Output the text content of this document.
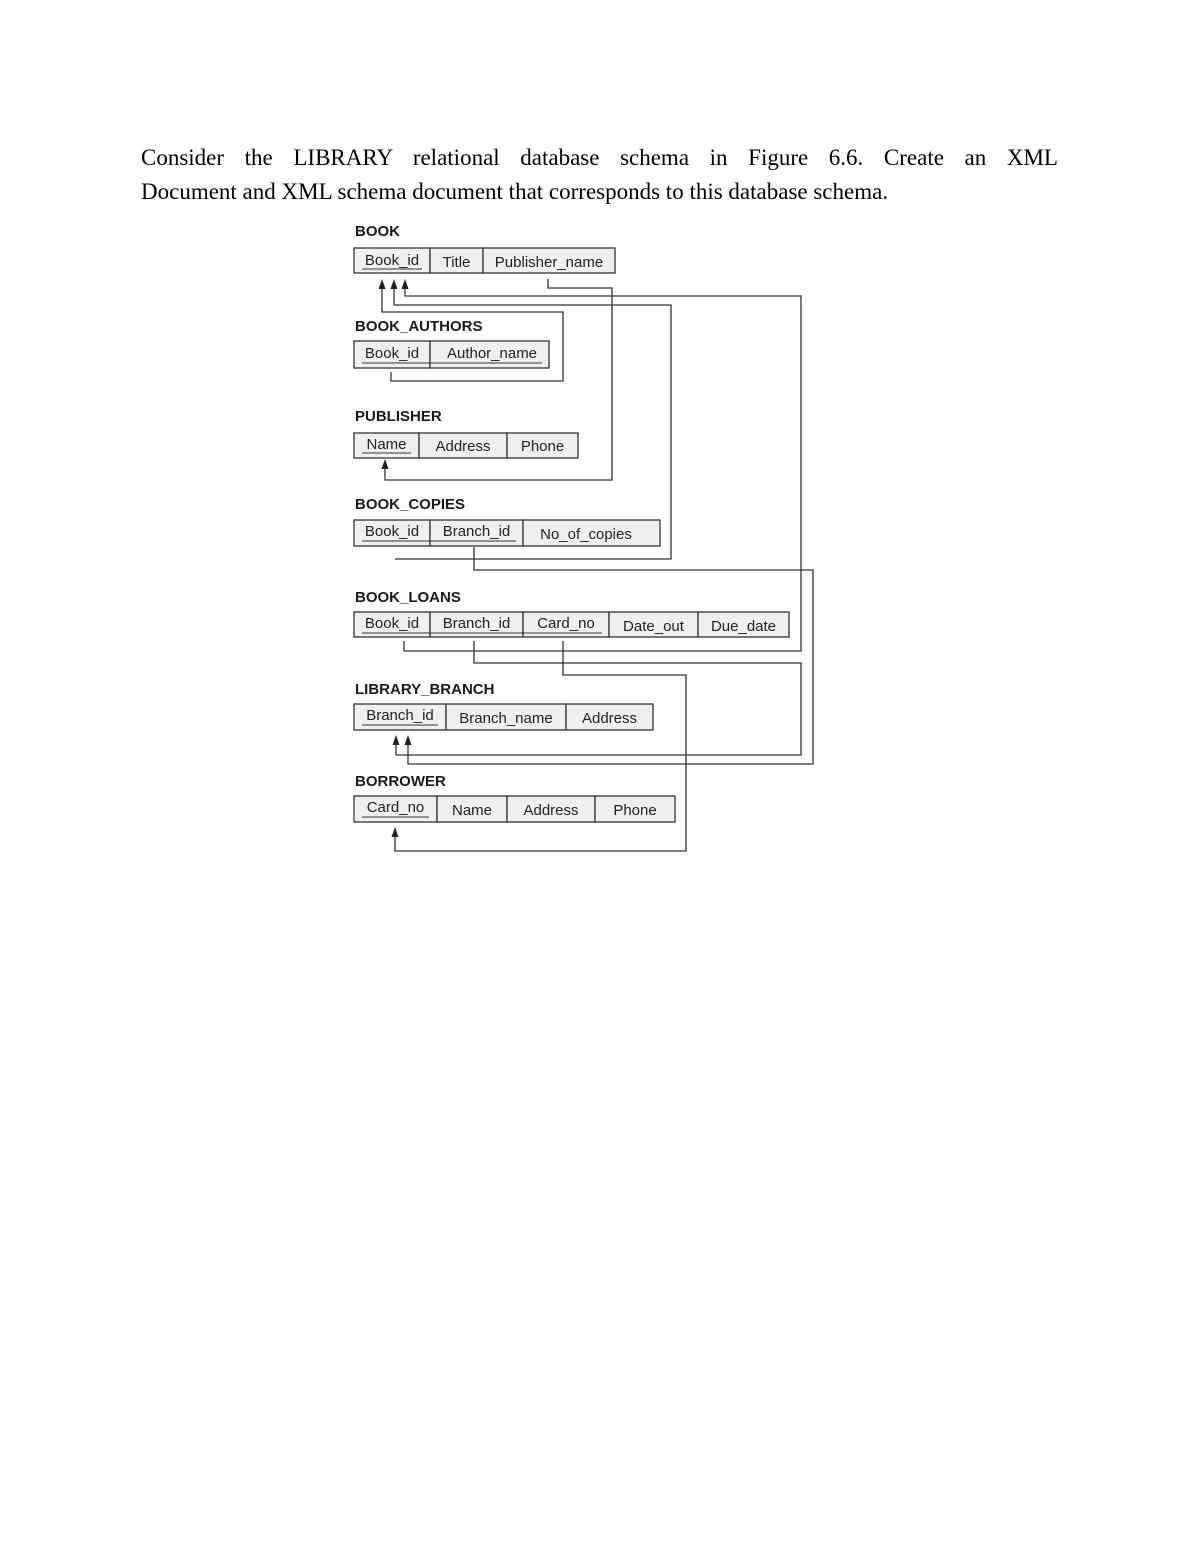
Consider the LIBRARY relational database schema in Figure 6.6. Create an XML
Document and XML schema document that corresponds to this database schema.
BOOK
Book_id Title Publisher_name
BOOK_AUTHORS
Book_id Author_name
PUBLISHER
Name Address Phone
BOOK_COPIES
Book_id Branch_id No_of_copies
BOOK_LOANS
Book_id Branch_id Card_no Date_out Due_date
LIBRARY_BRANCH
Branch_id Branch_name Address
BORROWER
Card_no Name Address Phone
